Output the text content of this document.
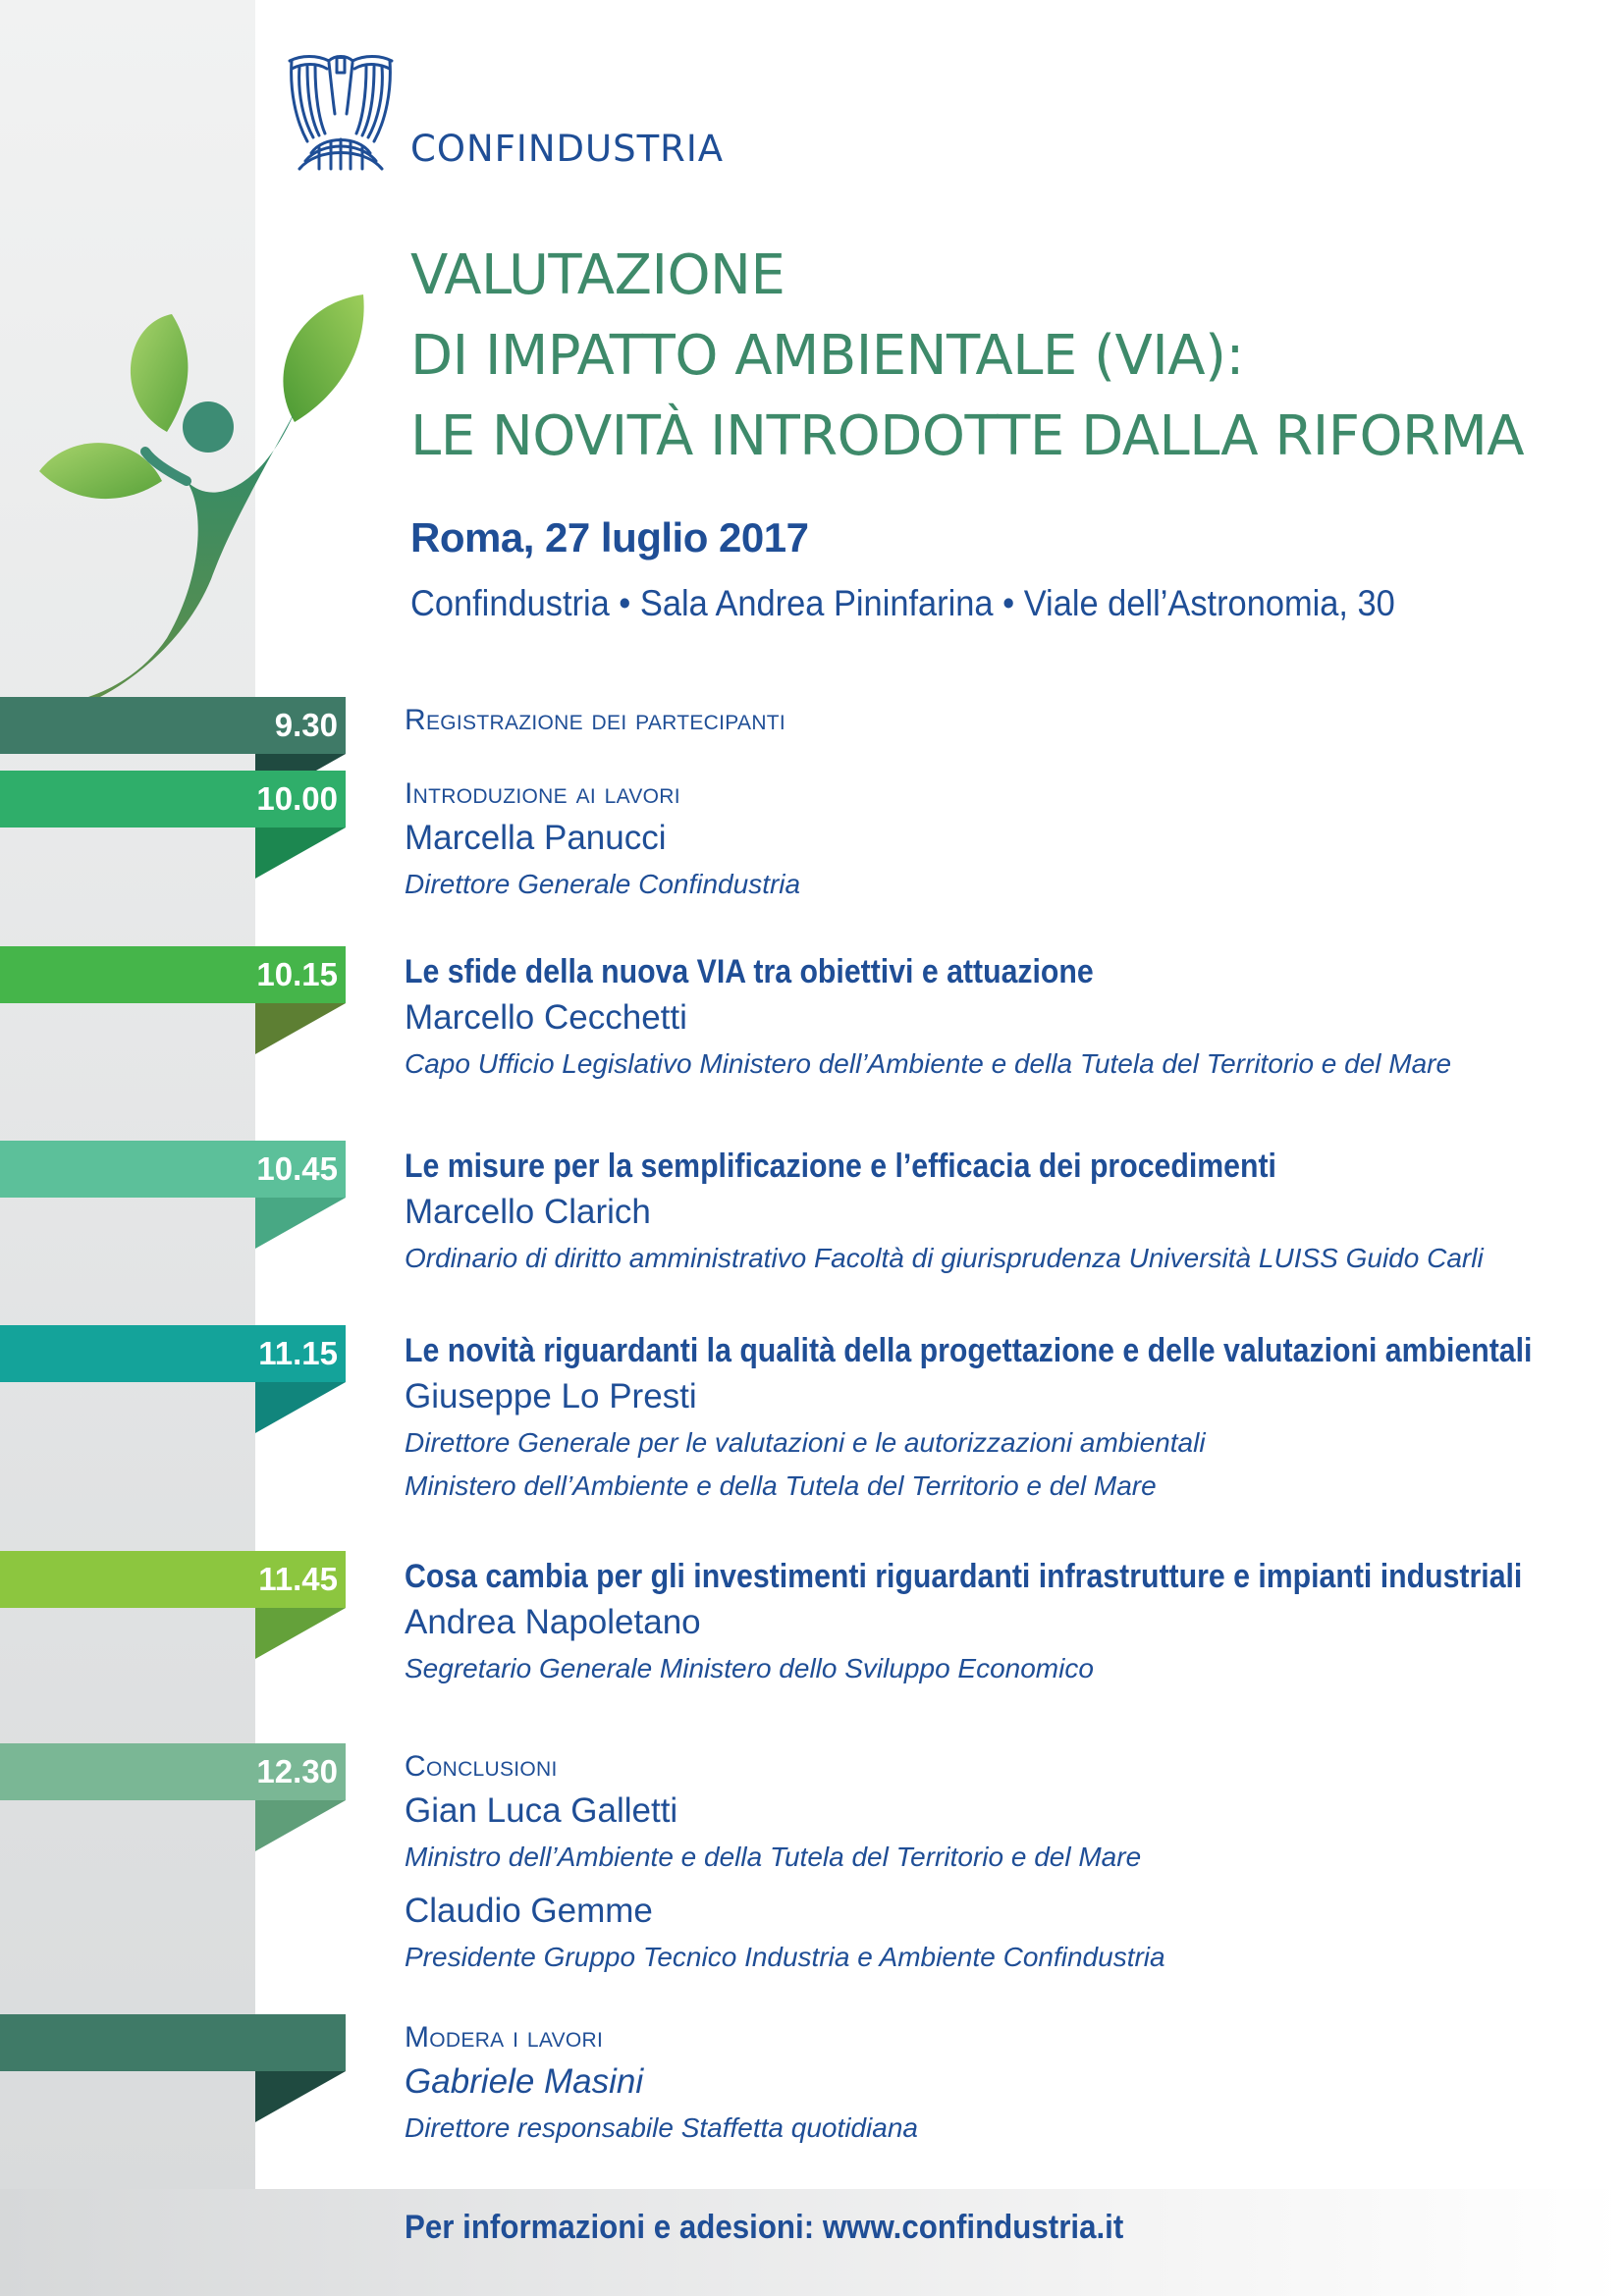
CONFINDUSTRIA
VALUTAZIONE
DI IMPATTO AMBIENTALE (VIA):
LE NOVITÀ INTRODOTTE DALLA RIFORMA
Roma, 27 luglio 2017
Confindustria • Sala Andrea Pininfarina • Viale dell’Astronomia, 30
9.30 Registrazione dei partecipanti
10.00 Introduzione ai lavori
Marcella Panucci
Direttore Generale Confindustria
10.15 Le sfide della nuova VIA tra obiettivi e attuazione
Marcello Cecchetti
Capo Ufficio Legislativo Ministero dell’Ambiente e della Tutela del Territorio e del Mare
10.45 Le misure per la semplificazione e l’efficacia dei procedimenti
Marcello Clarich
Ordinario di diritto amministrativo Facoltà di giurisprudenza Università LUISS Guido Carli
11.15 Le novità riguardanti la qualità della progettazione e delle valutazioni ambientali
Giuseppe Lo Presti
Direttore Generale per le valutazioni e le autorizzazioni ambientali
Ministero dell’Ambiente e della Tutela del Territorio e del Mare
11.45 Cosa cambia per gli investimenti riguardanti infrastrutture e impianti industriali
Andrea Napoletano
Segretario Generale Ministero dello Sviluppo Economico
12.30 Conclusioni
Gian Luca Galletti
Ministro dell’Ambiente e della Tutela del Territorio e del Mare
Claudio Gemme
Presidente Gruppo Tecnico Industria e Ambiente Confindustria
Modera i lavori
Gabriele Masini
Direttore responsabile Staffetta quotidiana
Per informazioni e adesioni: www.confindustria.it
